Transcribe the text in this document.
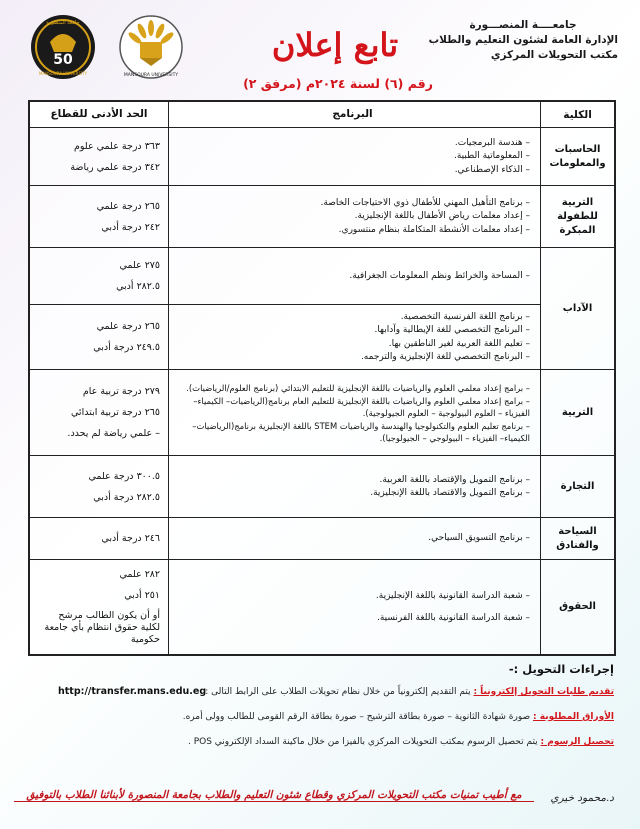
جامعــــة المنصـــورة
الإدارة العامة لشئون التعليم والطلاب
مكتب التحويلات المركزي
تابع إعلان
رقم (٦) لسنة ٢٠٢٤م (مرفق ٢)
50
جامعة المنصورة
MANSOURA UNIVERSITY	MANSOURA UNIVERSITY
الكلية
البرنامج
الحد الأدنى للقطاع
الحاسبات والمعلومات
– هندسة البرمجيات.
– المعلوماتية الطبية.
– الذكاء الإصطناعي.
٣٦٣ درجة علمي علوم
٣٤٢ درجة علمي رياضة
التربية للطفولة المبكرة
– برنامج التأهيل المهني للأطفال ذوي الاحتياجات الخاصة.
– إعداد معلمات رياض الأطفال باللغة الإنجليزية.
– إعداد معلمات الأنشطة المتكاملة بنظام منتسوري.
٢٦٥ درجة علمي
٢٤٢ درجة أدبي
الآداب
– المساحة والخرائط ونظم المعلومات الجغرافية.
٢٧٥ علمي
٢٨٢.٥ أدبي
– برنامج اللغة الفرنسية التخصصية.
– البرنامج التخصصي للغة الإيطالية وآدابها.
– تعليم اللغة العربية لغير الناطقين بها.
– البرنامج التخصصي للغة الإنجليزية والترجمه.
٢٦٥ درجة علمي
٢٤٩.٥ درجة أدبي
التربية
– برامج إعداد معلمي العلوم والرياضيات باللغة الإنجليزية للتعليم الابتدائي (برنامج العلوم/الرياضيات).
– برامج إعداد معلمي العلوم والرياضيات باللغة الإنجليزية للتعليم العام برنامج(الرياضيات– الكيمياء– الفيزياء – العلوم البيولوجية – العلوم الجيولوجية).
– برنامج تعليم العلوم والتكنولوجيا والهندسة والرياضيات STEM باللغة الإنجليزية برنامج(الرياضيات– الكيمياء– الفيزياء – البيولوجي – الجيولوجيا).
٢٧٩ درجة تربية عام
٢٦٥ درجة تربية ابتدائي
– علمي رياضة لم يحدد.
التجارة
– برنامج التمويل والإقتصاد باللغة العربية.
– برنامج التمويل والاقتصاد باللغة الإنجليزية.
٣٠٠.٥ درجة علمي
٢٨٢.٥ درجة أدبي
السياحة والفنادق
– برنامج التسويق السياحي.
٢٤٦ درجة أدبي
الحقوق
– شعبة الدراسة القانونية باللغة الإنجليزية.
– شعبة الدراسة القانونية باللغة الفرنسية.
٢٨٢ علمي
٢٥١ أدبي
أو أن يكون الطالب مرشح لكلية حقوق انتظام بأي جامعة حكومية
إجراءات التحويل :-
تقديم طلبات التحويل إلكترونياً : يتم التقديم إلكترونياً من خلال نظام تحويلات الطلاب على الرابط التالى :
http://transfer.mans.edu.eg
الأوراق المطلوبة : صورة شهادة الثانوية – صورة بطاقة الترشيح – صورة بطاقة الرقم القومى للطالب وولى أمره.
تحصيل الرسوم : يتم تحصيل الرسوم بمكتب التحويلات المركزي بالفيزا من خلال ماكينة السداد الإلكتروني POS .
مع أطيب تمنيات مكتب التحويلات المركزي وقطاع شئون التعليم والطلاب بجامعة المنصورة لأبنائنا الطلاب بالتوفيق	د.محمود خيري
